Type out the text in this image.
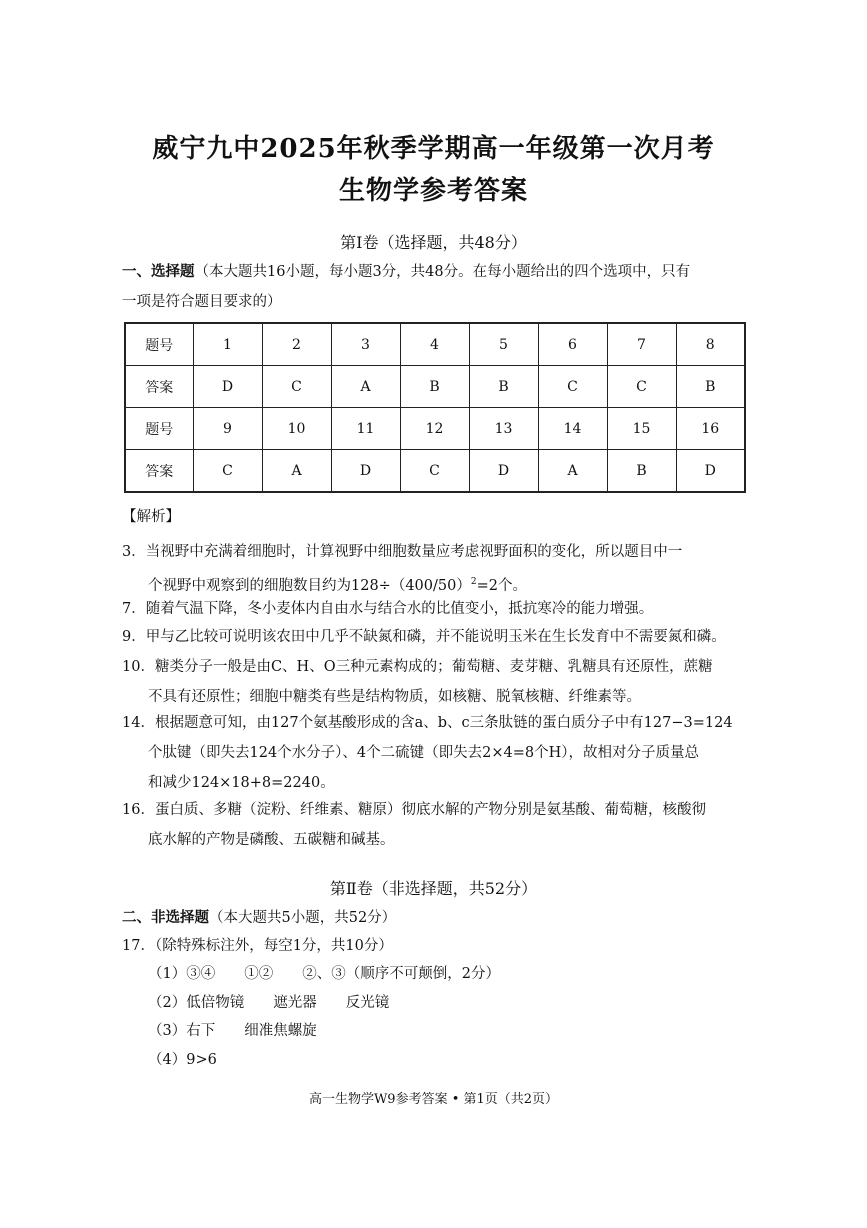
威宁九中2025年秋季学期高一年级第一次月考
生物学参考答案
第Ⅰ卷（选择题，共48分）
一、选择题（本大题共16小题，每小题3分，共48分。在每小题给出的四个选项中，只有
一项是符合题目要求的）
题号	1	2	3	4	5	6	7	8
答案	D	C	A	B	B	C	C	B
题号	9	10	11	12	13	14	15	16
答案	C	A	D	C	D	A	B	D
【解析】
3．当视野中充满着细胞时，计算视野中细胞数量应考虑视野面积的变化，所以题目中一
个视野中观察到的细胞数目约为$128\div(400/50)^2=2$个。
7．随着气温下降，冬小麦体内自由水与结合水的比值变小，抵抗寒冷的能力增强。
9．甲与乙比较可说明该农田中几乎不缺氮和磷，并不能说明玉米在生长发育中不需要氮和磷。
10．糖类分子一般是由C、H、O三种元素构成的；葡萄糖、麦芽糖、乳糖具有还原性，蔗糖
不具有还原性；细胞中糖类有些是结构物质，如核糖、脱氧核糖、纤维素等。
14．根据题意可知，由127个氨基酸形成的含a、b、c三条肽链的蛋白质分子中有127−3=124
个肽键（即失去124个水分子）、4个二硫键（即失去2×4=8个H），故相对分子质量总
和减少124×18+8=2240。
16．蛋白质、多糖（淀粉、纤维素、糖原）彻底水解的产物分别是氨基酸、葡萄糖，核酸彻
底水解的产物是磷酸、五碳糖和碱基。
第Ⅱ卷（非选择题，共52分）
二、非选择题（本大题共5小题，共52分）
17．（除特殊标注外，每空1分，共10分）
（1）③④　　①②　　②、③（顺序不可颠倒，2分）
（2）低倍物镜　　遮光器　　反光镜
（3）右下　　细准焦螺旋
（4）9>6
高一生物学W9参考答案 • 第1页（共2页）
